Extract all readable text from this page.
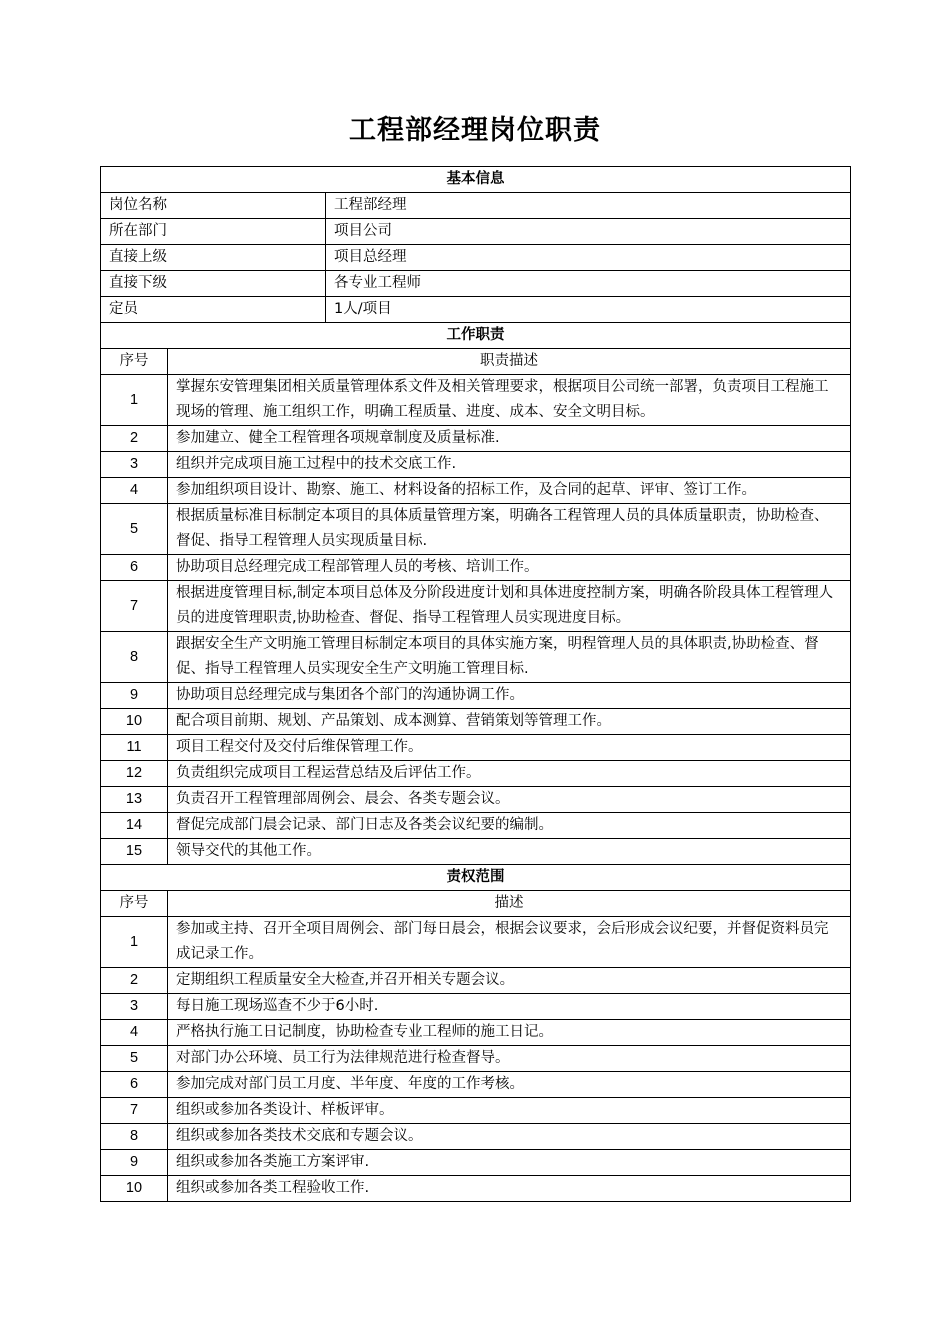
工程部经理岗位职责
基本信息		
岗位名称		工程部经理
所在部门		项目公司
直接上级		项目总经理
直接下级		各专业工程师
定员		1人/项目
工作职责		
序号	职责描述	
1	掌握东安管理集团相关质量管理体系文件及相关管理要求，根据项目公司统一部署，负责项目工程施工现场的管理、施工组织工作，明确工程质量、进度、成本、安全文明目标。	
2	参加建立、健全工程管理各项规章制度及质量标准.	
3	组织并完成项目施工过程中的技术交底工作.	
4	参加组织项目设计、勘察、施工、材料设备的招标工作，及合同的起草、评审、签订工作。	
5	根据质量标准目标制定本项目的具体质量管理方案，明确各工程管理人员的具体质量职责，协助检查、督促、指导工程管理人员实现质量目标.	
6	协助项目总经理完成工程部管理人员的考核、培训工作。	
7	根据进度管理目标,制定本项目总体及分阶段进度计划和具体进度控制方案，明确各阶段具体工程管理人员的进度管理职责,协助检查、督促、指导工程管理人员实现进度目标。	
8	跟据安全生产文明施工管理目标制定本项目的具体实施方案，明程管理人员的具体职责,协助检查、督促、指导工程管理人员实现安全生产文明施工管理目标.	
9	协助项目总经理完成与集团各个部门的沟通协调工作。	
10	配合项目前期、规划、产品策划、成本测算、营销策划等管理工作。	
11	项目工程交付及交付后维保管理工作。	
12	负责组织完成项目工程运营总结及后评估工作。	
13	负责召开工程管理部周例会、晨会、各类专题会议。	
14	督促完成部门晨会记录、部门日志及各类会议纪要的编制。	
15	领导交代的其他工作。	
责权范围		
序号	描述	
1	参加或主持、召开全项目周例会、部门每日晨会，根据会议要求，会后形成会议纪要，并督促资料员完成记录工作。	
2	定期组织工程质量安全大检查,并召开相关专题会议。	
3	每日施工现场巡查不少于6小时.	
4	严格执行施工日记制度，协助检查专业工程师的施工日记。	
5	对部门办公环境、员工行为法律规范进行检查督导。	
6	参加完成对部门员工月度、半年度、年度的工作考核。	
7	组织或参加各类设计、样板评审。	
8	组织或参加各类技术交底和专题会议。	
9	组织或参加各类施工方案评审.	
10	组织或参加各类工程验收工作.	
